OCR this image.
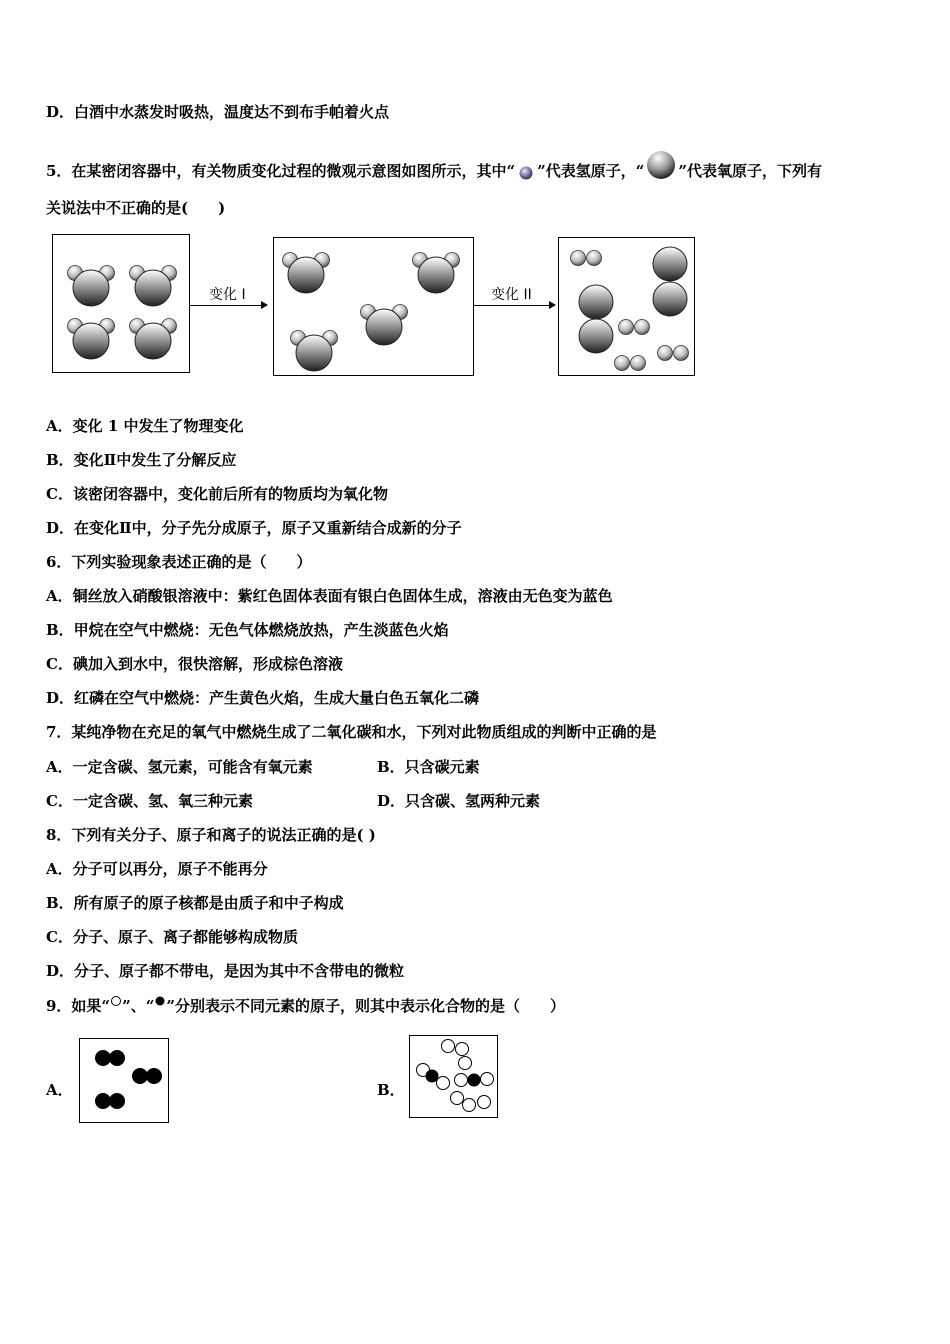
D．白酒中水蒸发时吸热，温度达不到布手帕着火点
5．在某密闭容器中，有关物质变化过程的微观示意图如图所示，其中“ ”代表氢原子，“ ”代表氧原子，下列有
关说法中不正确的是(　　)
变化 I	变化 II
A．变化 1 中发生了物理变化
B．变化Ⅱ中发生了分解反应
C．该密闭容器中，变化前后所有的物质均为氧化物
D．在变化Ⅱ中，分子先分成原子，原子又重新结合成新的分子
6．下列实验现象表述正确的是（　　）
A．铜丝放入硝酸银溶液中：紫红色固体表面有银白色固体生成，溶液由无色变为蓝色
B．甲烷在空气中燃烧：无色气体燃烧放热，产生淡蓝色火焰
C．碘加入到水中，很快溶解，形成棕色溶液
D．红磷在空气中燃烧：产生黄色火焰，生成大量白色五氧化二磷
7．某纯净物在充足的氧气中燃烧生成了二氧化碳和水，下列对此物质组成的判断中正确的是
A．一定含碳、氢元素，可能含有氧元素	B．只含碳元素
C．一定含碳、氢、氧三种元素	D．只含碳、氢两种元素
8．下列有关分子、原子和离子的说法正确的是( )
A．分子可以再分，原子不能再分
B．所有原子的原子核都是由质子和中子构成
C．分子、原子、离子都能够构成物质
D．分子、原子都不带电，是因为其中不含带电的微粒
9．如果“ ”、“ ”分别表示不同元素的原子，则其中表示化合物的是（　　）
A．	B．
